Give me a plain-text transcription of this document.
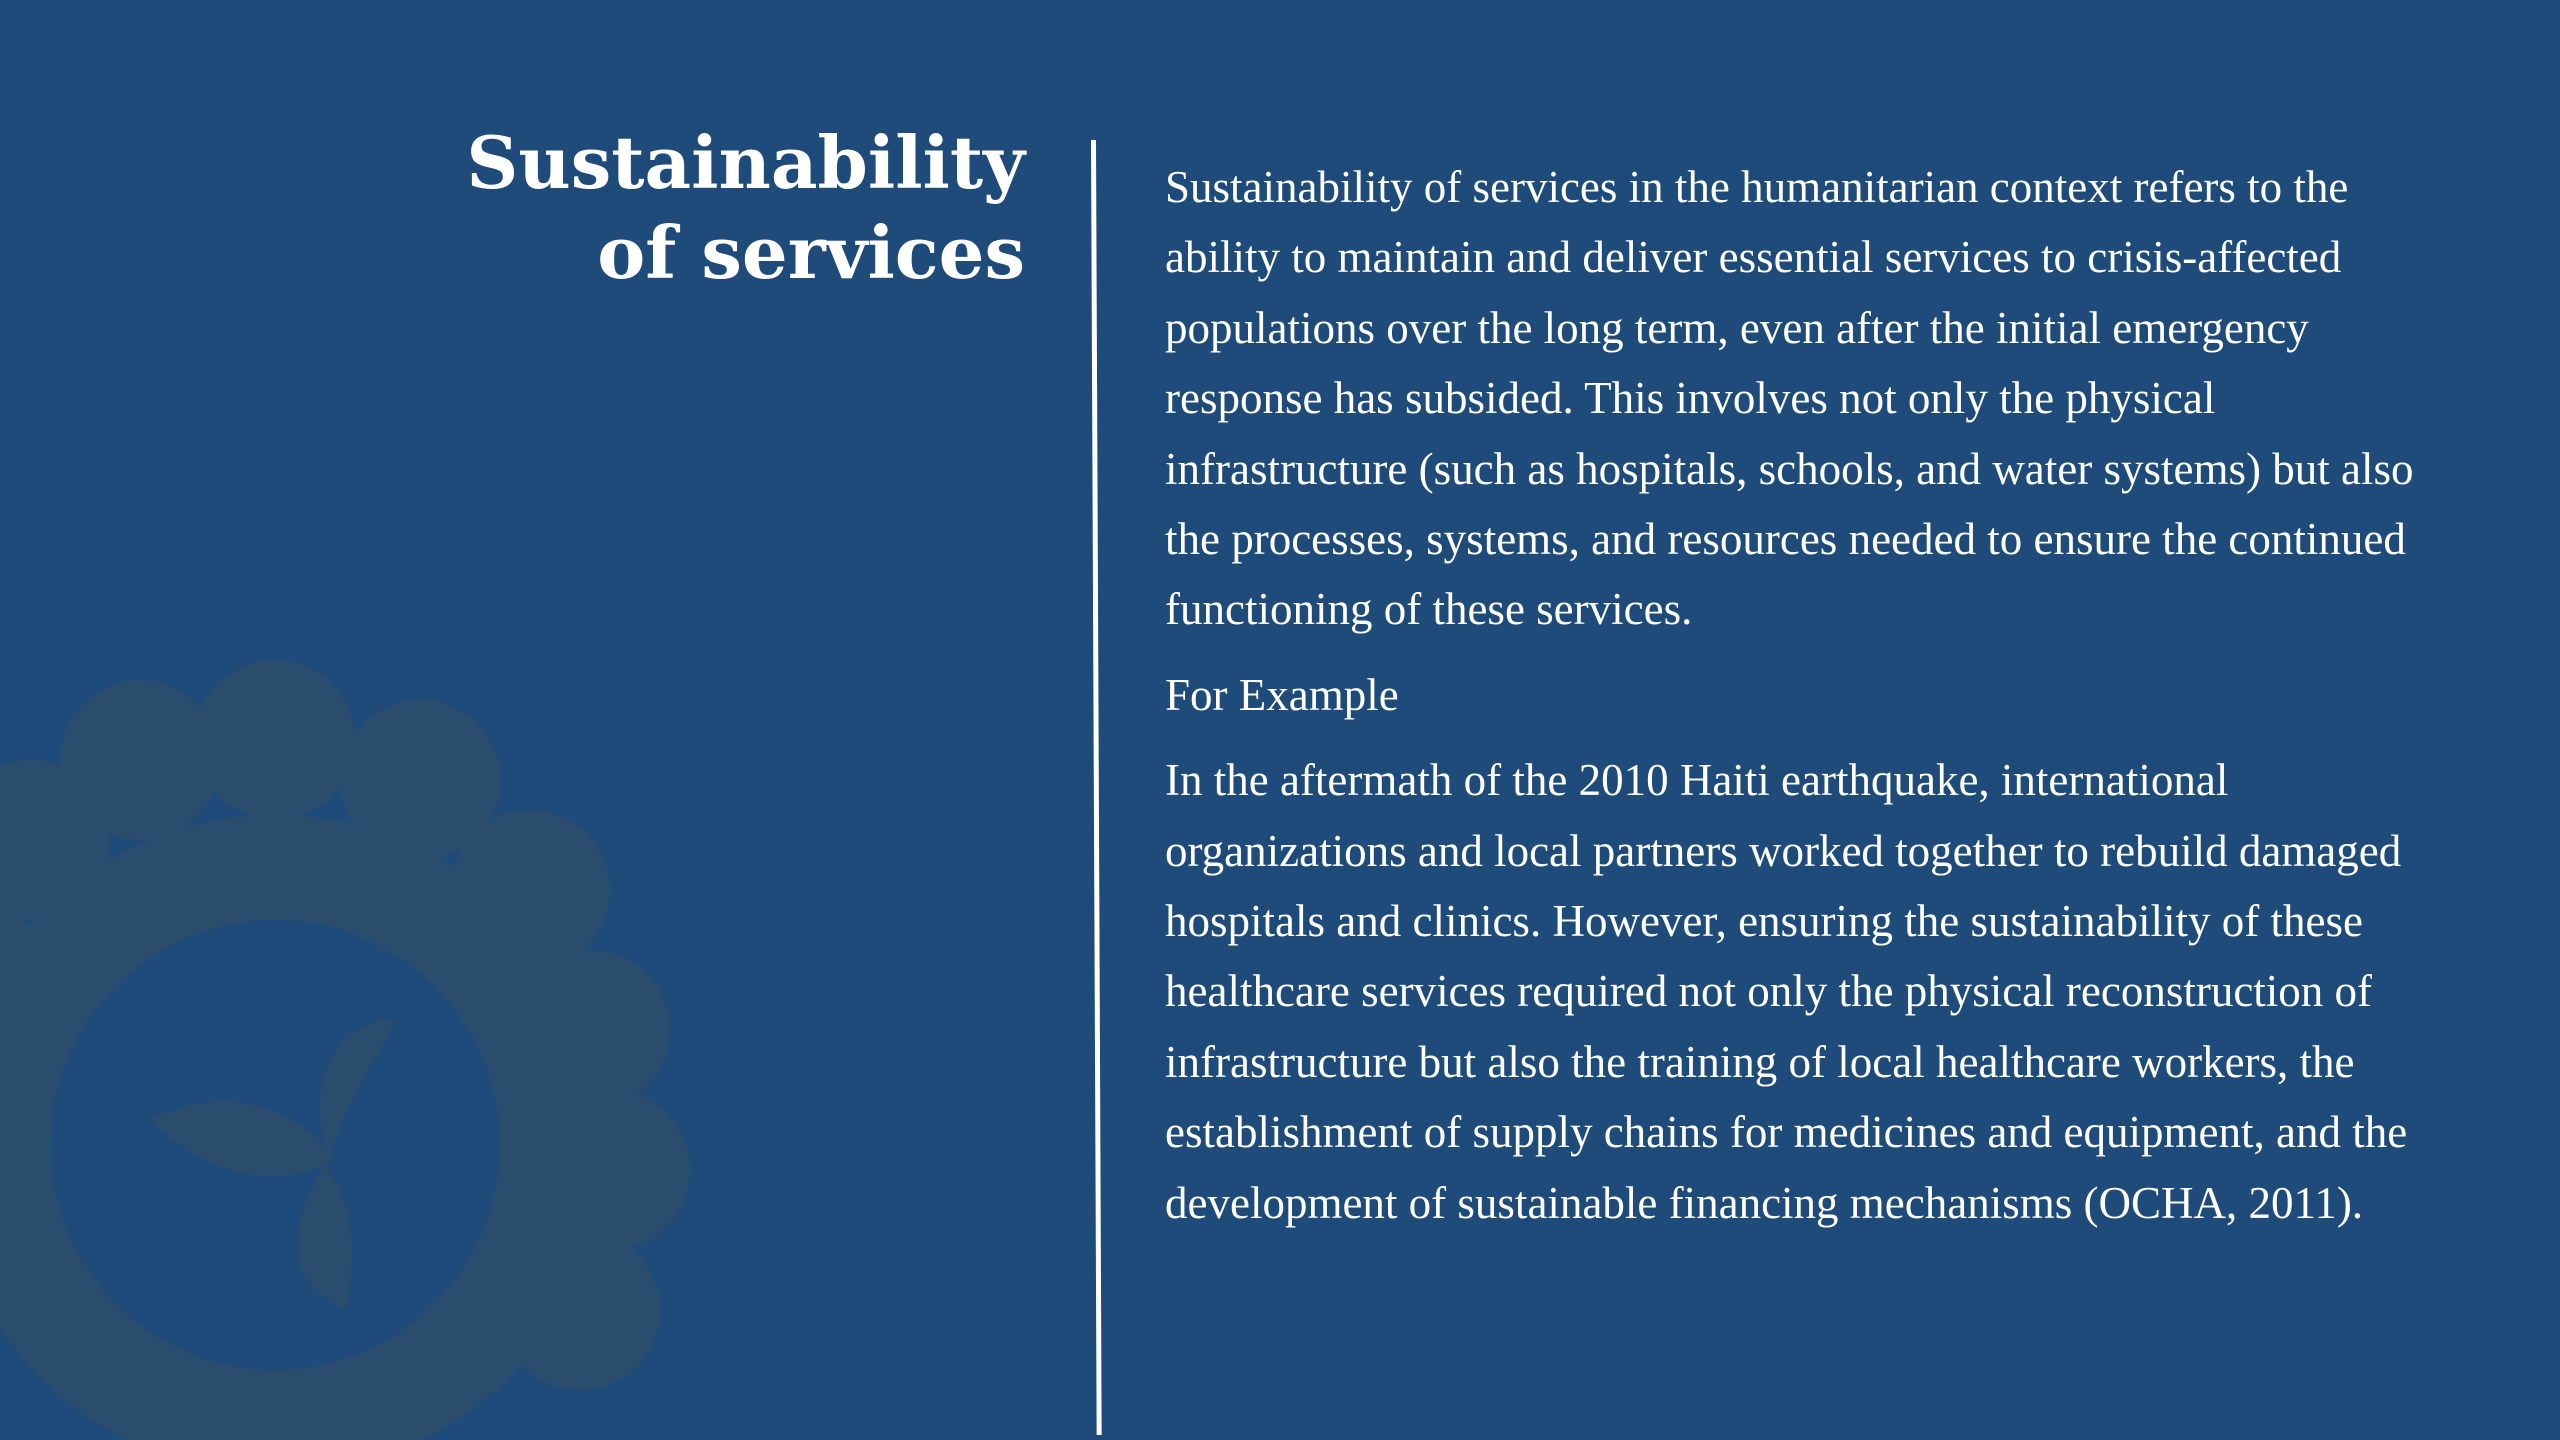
Sustainability
of services

Sustainability of services in the humanitarian context refers to the ability to maintain and deliver essential services to crisis-affected populations over the long term, even after the initial emergency response has subsided. This involves not only the physical infrastructure (such as hospitals, schools, and water systems) but also the processes, systems, and resources needed to ensure the continued functioning of these services.

For Example

In the aftermath of the 2010 Haiti earthquake, international organizations and local partners worked together to rebuild damaged hospitals and clinics. However, ensuring the sustainability of these healthcare services required not only the physical reconstruction of infrastructure but also the training of local healthcare workers, the establishment of supply chains for medicines and equipment, and the development of sustainable financing mechanisms (OCHA, 2011).
